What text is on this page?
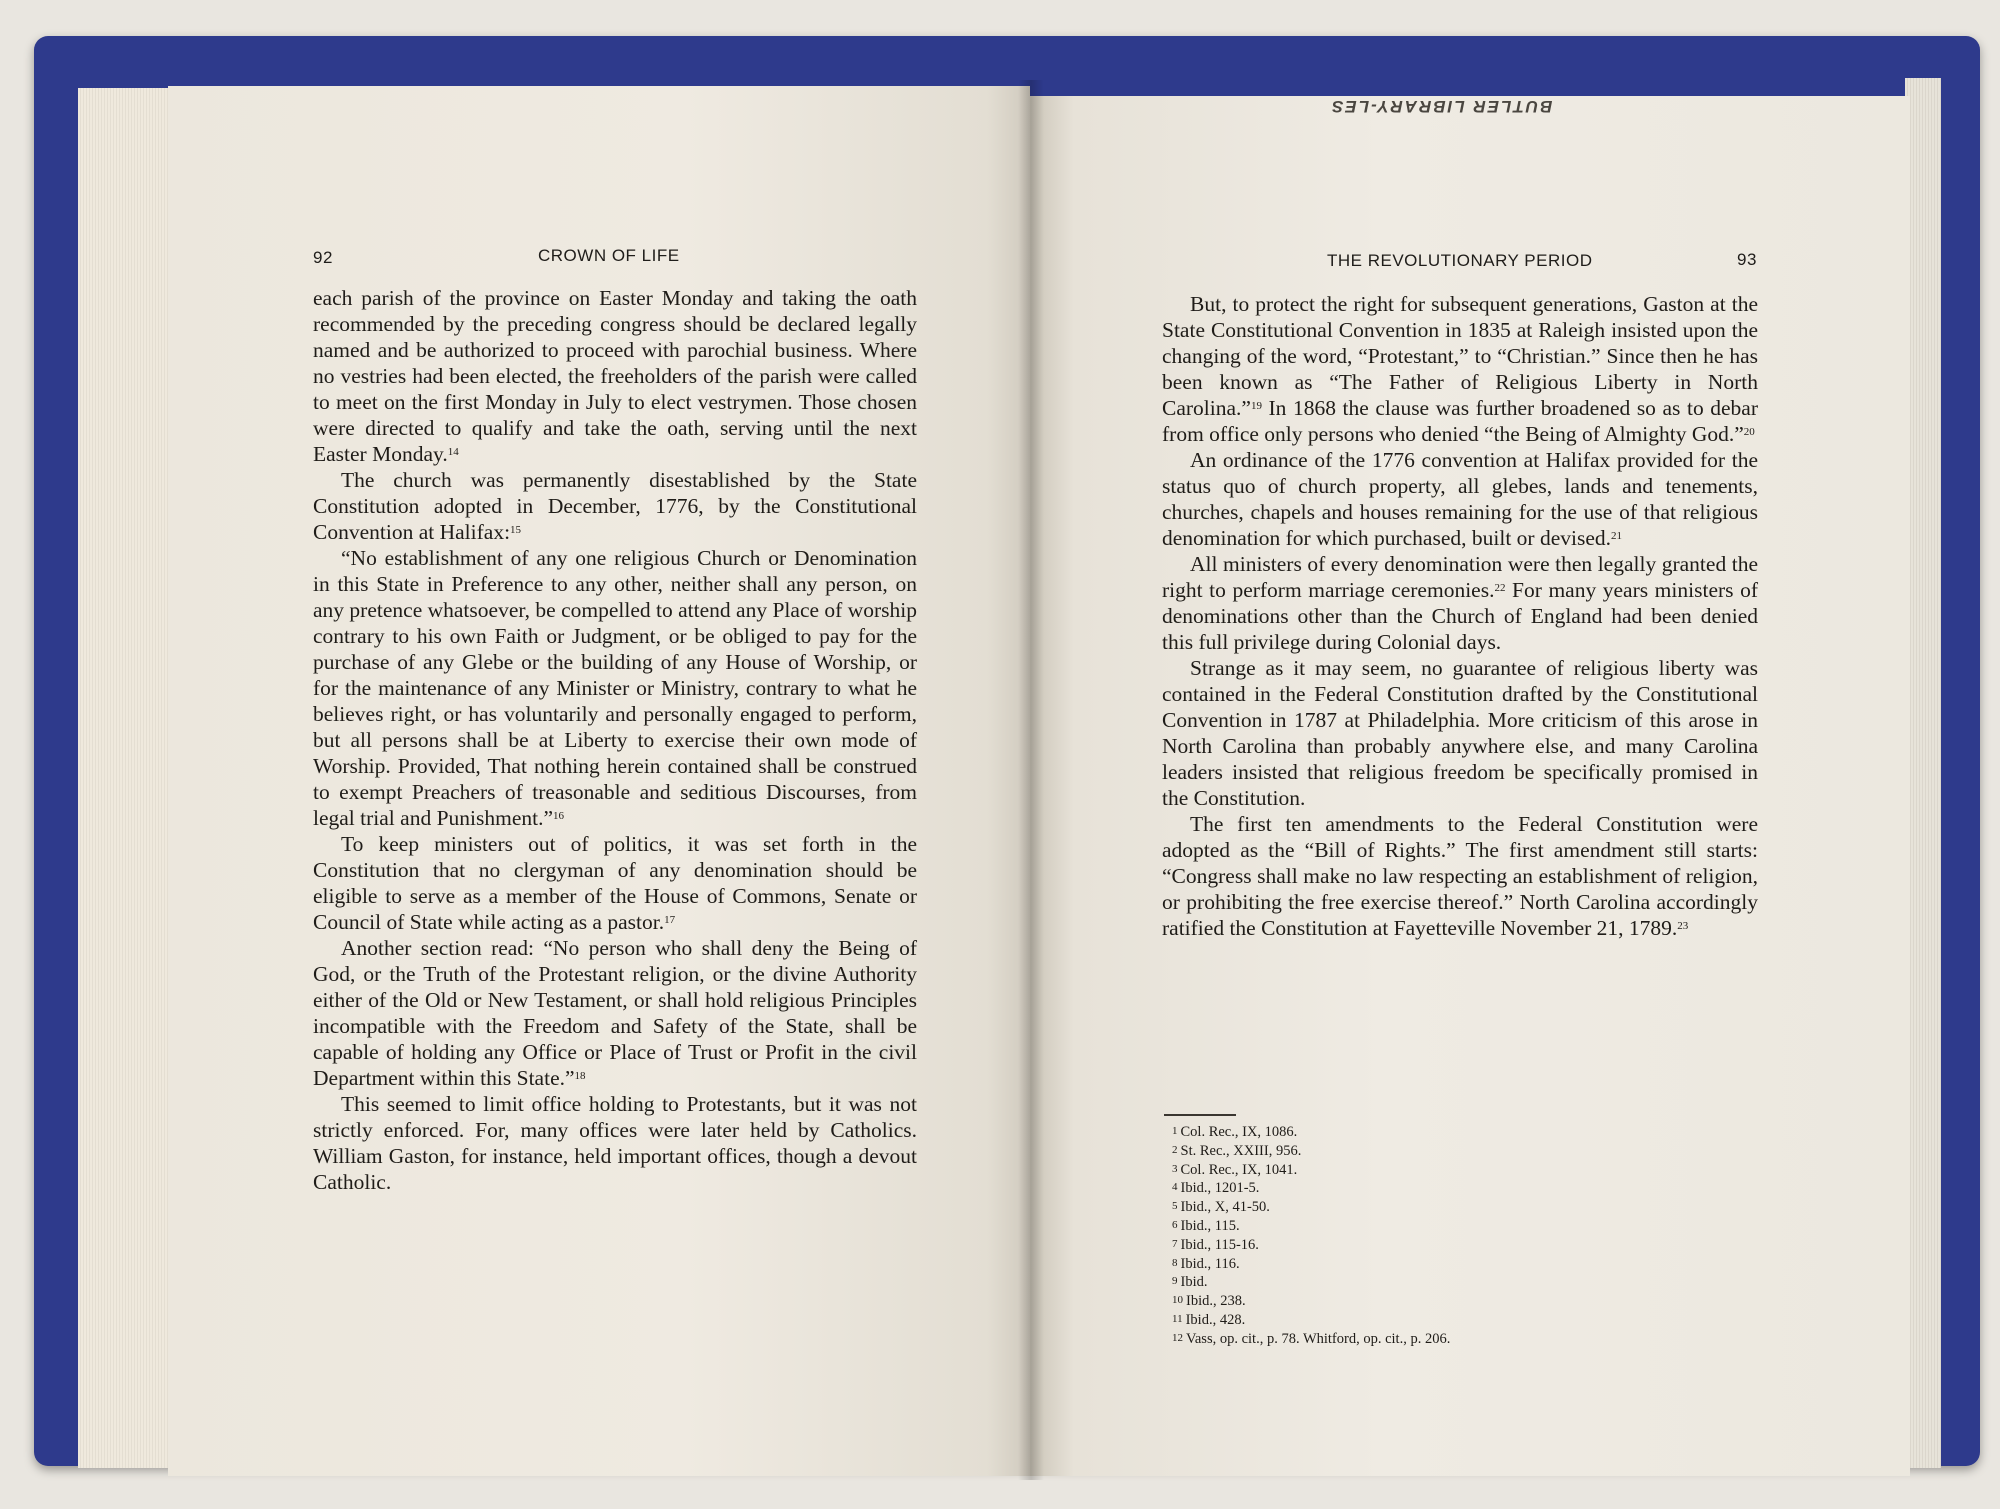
BUTLER LIBRARY-LES
92	CROWN OF LIFE	THE REVOLUTIONARY PERIOD	93

each parish of the province on Easter Monday and taking the oath recommended by the preceding congress should be declared legally named and be authorized to proceed with parochial business. Where no vestries had been elected, the freeholders of the parish were called to meet on the first Monday in July to elect vestrymen. Those chosen were directed to qualify and take the oath, serving until the next Easter Monday.$^{14}$

The church was permanently disestablished by the State Constitution adopted in December, 1776, by the Constitutional Convention at Halifax:$^{15}$

“No establishment of any one religious Church or Denomination in this State in Preference to any other, neither shall any person, on any pretence whatsoever, be compelled to attend any Place of worship contrary to his own Faith or Judgment, or be obliged to pay for the purchase of any Glebe or the building of any House of Worship, or for the maintenance of any Minister or Ministry, contrary to what he believes right, or has voluntarily and personally engaged to perform, but all persons shall be at Liberty to exercise their own mode of Worship. Provided, That nothing herein contained shall be construed to exempt Preachers of treasonable and seditious Discourses, from legal trial and Punishment.”$^{16}$

To keep ministers out of politics, it was set forth in the Constitution that no clergyman of any denomination should be eligible to serve as a member of the House of Commons, Senate or Council of State while acting as a pastor.$^{17}$

Another section read: “No person who shall deny the Being of God, or the Truth of the Protestant religion, or the divine Authority either of the Old or New Testament, or shall hold religious Principles incompatible with the Freedom and Safety of the State, shall be capable of holding any Office or Place of Trust or Profit in the civil Department within this State.”$^{18}$

This seemed to limit office holding to Protestants, but it was not strictly enforced. For, many offices were later held by Catholics. William Gaston, for instance, held important offices, though a devout Catholic.

But, to protect the right for subsequent generations, Gaston at the State Constitutional Convention in 1835 at Raleigh insisted upon the changing of the word, “Protestant,” to “Christian.” Since then he has been known as “The Father of Religious Liberty in North Carolina.”$^{19}$ In 1868 the clause was further broadened so as to debar from office only persons who denied “the Being of Almighty God.”$^{20}$

An ordinance of the 1776 convention at Halifax provided for the status quo of church property, all glebes, lands and tenements, churches, chapels and houses remaining for the use of that religious denomination for which purchased, built or devised.$^{21}$

All ministers of every denomination were then legally granted the right to perform marriage ceremonies.$^{22}$ For many years ministers of denominations other than the Church of England had been denied this full privilege during Colonial days.

Strange as it may seem, no guarantee of religious liberty was contained in the Federal Constitution drafted by the Constitutional Convention in 1787 at Philadelphia. More criticism of this arose in North Carolina than probably anywhere else, and many Carolina leaders insisted that religious freedom be specifically promised in the Constitution.

The first ten amendments to the Federal Constitution were adopted as the “Bill of Rights.” The first amendment still starts: “Congress shall make no law respecting an establishment of religion, or prohibiting the free exercise thereof.” North Carolina accordingly ratified the Constitution at Fayetteville November 21, 1789.23

1 Col. Rec., IX, 1086.
2 St. Rec., XXIII, 956.
3 Col. Rec., IX, 1041.
4 Ibid., 1201-5.
5 Ibid., X, 41-50.
6 Ibid., 115.
7 Ibid., 115-16.
8 Ibid., 116.
9 Ibid.
10 Ibid., 238.
11 Ibid., 428.
12 Vass, op. cit., p. 78. Whitford, op. cit., p. 206.
